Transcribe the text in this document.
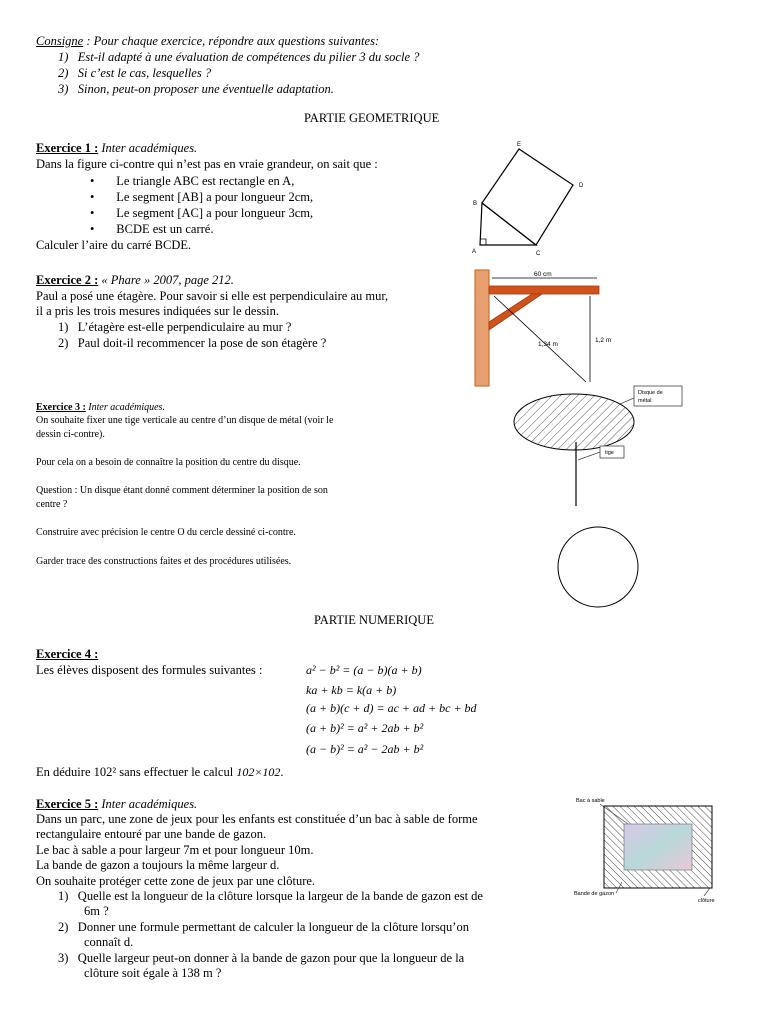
Consigne : Pour chaque exercice, répondre aux questions suivantes:
1) Est-il adapté à une évaluation de compétences du pilier 3 du socle ?
2) Si c’est le cas, lesquelles ?
3) Sinon, peut-on proposer une éventuelle adaptation.
PARTIE GEOMETRIQUE
Exercice 1 : Inter académiques.
Dans la figure ci-contre qui n’est pas en vraie grandeur, on sait que :
•       Le triangle ABC est rectangle en A,
•       Le segment [AB] a pour longueur 2cm,
•       Le segment [AC] a pour longueur 3cm,
•       BCDE est un carré.
Calculer l’aire du carré BCDE.
E
D
B
A	C
Exercice 2 : « Phare » 2007, page 212.
Paul a posé une étagère. Pour savoir si elle est perpendiculaire au mur,
il a pris les trois mesures indiquées sur le dessin.
1) L’étagère est-elle perpendiculaire au mur ?
2) Paul doit-il recommencer la pose de son étagère ?
60 cm
1,34 m
1,2 m
Exercice 3 : Inter académiques.
On souhaite fixer une tige verticale au centre d’un disque de métal (voir le
dessin ci-contre).
Pour cela on a besoin de connaître la position du centre du disque.
Question : Un disque étant donné comment déterminer la position de son
centre ?
Construire avec précision le centre O du cercle dessiné ci-contre.
Garder trace des constructions faites et des procédures utilisées.
Disque de
métal
tige
PARTIE NUMERIQUE
Exercice 4 :
Les élèves disposent des formules suivantes :	a² − b² = (a − b)(a + b)
ka + kb = k(a + b)
(a + b)(c + d) = ac + ad + bc + bd
(a + b)² = a² + 2ab + b²
(a − b)² = a² − 2ab + b²
En déduire 102² sans effectuer le calcul 102×102.
Exercice 5 : Inter académiques.
Dans un parc, une zone de jeux pour les enfants est constituée d’un bac à sable de forme
rectangulaire entouré par une bande de gazon.
Le bac à sable a pour largeur 7m et pour longueur 10m.
La bande de gazon a toujours la même largeur d.
On souhaite protéger cette zone de jeux par une clôture.
1) Quelle est la longueur de la clôture lorsque la largeur de la bande de gazon est de
6m ?
2) Donner une formule permettant de calculer la longueur de la clôture lorsqu’on
connaît d.
3) Quelle largeur peut-on donner à la bande de gazon pour que la longueur de la
clôture soit égale à 138 m ?
Bac à sable
Bande de gazon
clôture
